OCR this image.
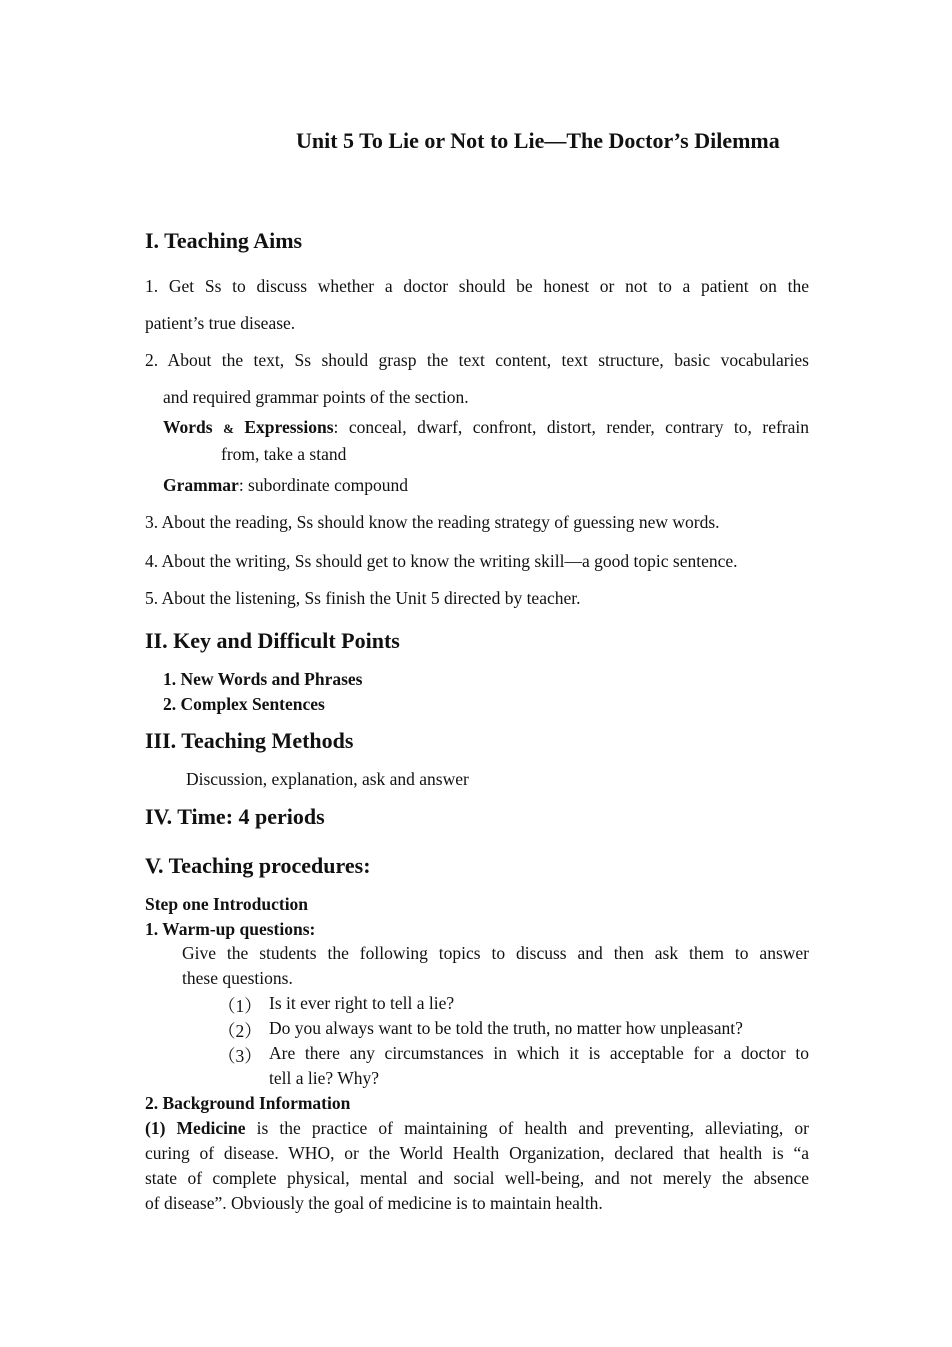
Unit 5 To Lie or Not to Lie—The Doctor’s Dilemma
I. Teaching Aims
1. Get Ss to discuss whether a doctor should be honest or not to a patient on the
patient’s true disease.
2. About the text, Ss should grasp the text content, text structure, basic vocabularies
and required grammar points of the section.
Words & Expressions: conceal, dwarf, confront, distort, render, contrary to, refrain
from, take a stand
Grammar: subordinate compound
3. About the reading, Ss should know the reading strategy of guessing new words.
4. About the writing, Ss should get to know the writing skill—a good topic sentence.
5. About the listening, Ss finish the Unit 5 directed by teacher.
II. Key and Difficult Points
1. New Words and Phrases
2. Complex Sentences
III. Teaching Methods
Discussion, explanation, ask and answer
IV. Time: 4 periods
V. Teaching procedures:
Step one Introduction
1. Warm-up questions:
Give the students the following topics to discuss and then ask them to answer
these questions.
（1） Is it ever right to tell a lie?
（2） Do you always want to be told the truth, no matter how unpleasant?
（3） Are there any circumstances in which it is acceptable for a doctor to
tell a lie? Why?
2. Background Information
(1) Medicine is the practice of maintaining of health and preventing, alleviating, or
curing of disease. WHO, or the World Health Organization, declared that health is “a
state of complete physical, mental and social well-being, and not merely the absence
of disease”. Obviously the goal of medicine is to maintain health.
